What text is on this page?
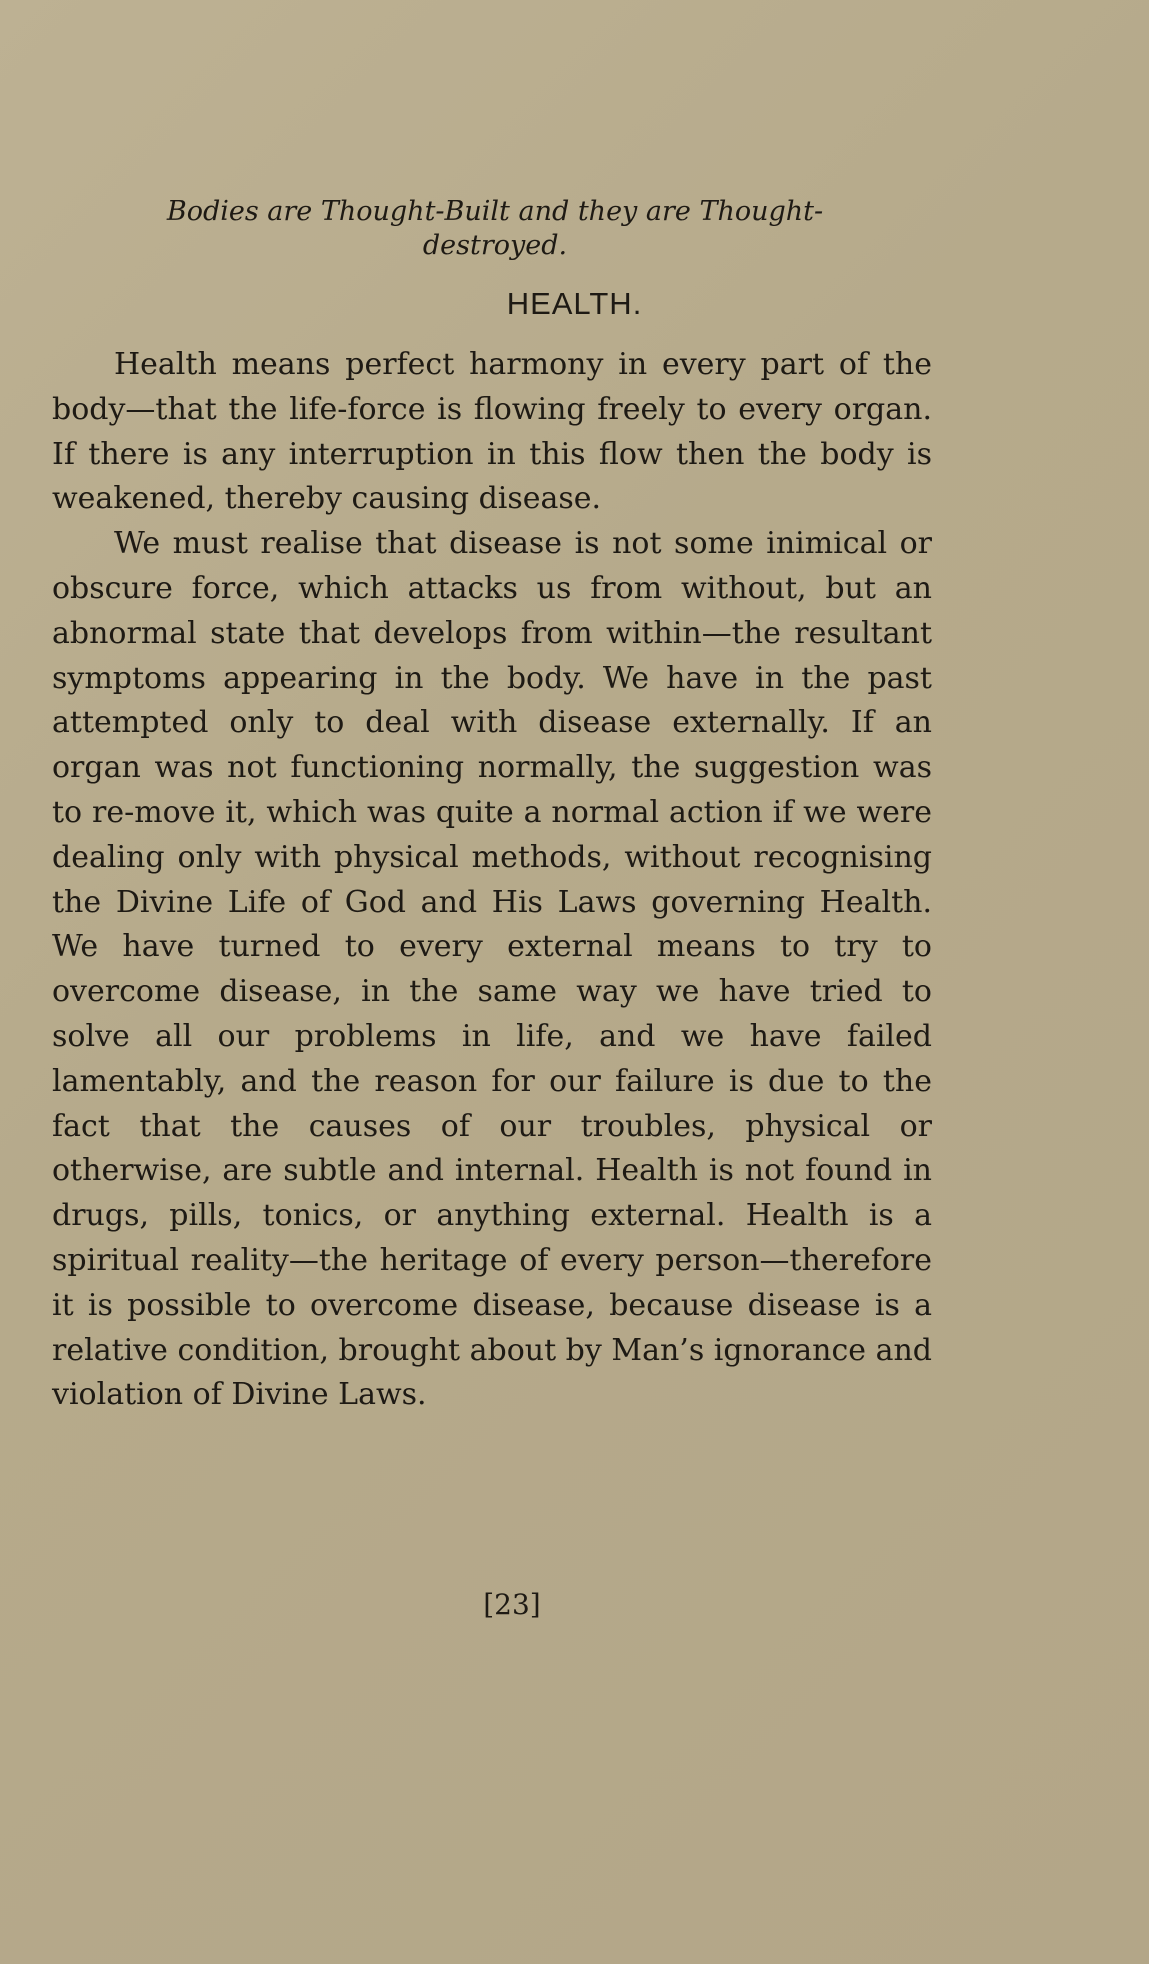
Bodies are Thought-Built and they are Thought-destroyed.
HEALTH.

Health means perfect harmony in every part of the body—that the life-force is flowing freely to every organ. If there is any interruption in this flow then the body is weakened, thereby causing disease.

We must realise that disease is not some inimical or obscure force, which attacks us from without, but an abnormal state that develops from within—the resultant symptoms appearing in the body. We have in the past attempted only to deal with disease externally. If an organ was not functioning normally, the suggestion was to re-move it, which was quite a normal action if we were dealing only with physical methods, without recognising the Divine Life of God and His Laws governing Health. We have turned to every external means to try to overcome disease, in the same way we have tried to solve all our problems in life, and we have failed lamentably, and the reason for our failure is due to the fact that the causes of our troubles, physical or otherwise, are subtle and internal. Health is not found in drugs, pills, tonics, or anything external. Health is a spiritual reality—the heritage of every person—therefore it is possible to overcome disease, because disease is a relative condition, brought about by Man’s ignorance and violation of Divine Laws.

[23]
